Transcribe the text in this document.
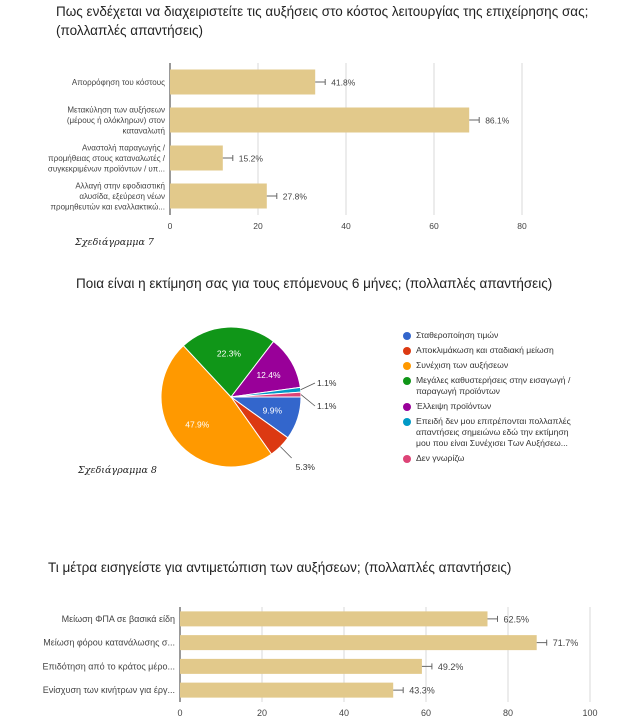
Πως ενδέχεται να διαχειριστείτε τις αυξήσεις στο κόστος λειτουργίας της επιχείρησης σας;
(πολλαπλές απαντήσεις)
0	20	40	60	80
41.8%
Απορρόφηση του κόστους
86.1%
Μετακύληση των αυξήσεων
(μέρους ή ολόκληρων) στον
καταναλωτή
15.2%
Αναστολή παραγωγής /
προμήθειας στους καταναλωτές /
συγκεκριμένων προϊόντων / υπ...
27.8%
Αλλαγή στην εφοδιαστική
αλυσίδα, εξεύρεση νέων
προμηθευτών και εναλλακτικώ...
9.9%
5.3%
47.9%
22.3%
12.4%
1.1%
1.1%
0	20	40	60	80	100
62.5%
Μείωση ΦΠΑ σε βασικά είδη
71.7%
Μείωση φόρου κατανάλωσης σ...
49.2%
Επιδότηση από το κράτος μέρο...
43.3%
Ενίσχυση των κινήτρων για έργ...
Σχεδιάγραμμα 7
Ποια είναι η εκτίμηση σας για τους επόμενους 6 μήνες; (πολλαπλές απαντήσεις)
Σταθεροποίηση τιμών
Αποκλιμάκωση και σταδιακή μείωση
Συνέχιση των αυξήσεων
Μεγάλες καθυστερήσεις στην εισαγωγή /
παραγωγή προϊόντων
Έλλειψη προϊόντων
Επειδή δεν μου επιτρέπονται πολλαπλές
απαντήσεις σημειώνω εδώ την εκτίμηση
μου που είναι Συνέχισει Των Αυξήσεω...
Δεν γνωρίζω
Σχεδιάγραμμα 8
Τι μέτρα εισηγείστε για αντιμετώπιση των αυξήσεων; (πολλαπλές απαντήσεις)
